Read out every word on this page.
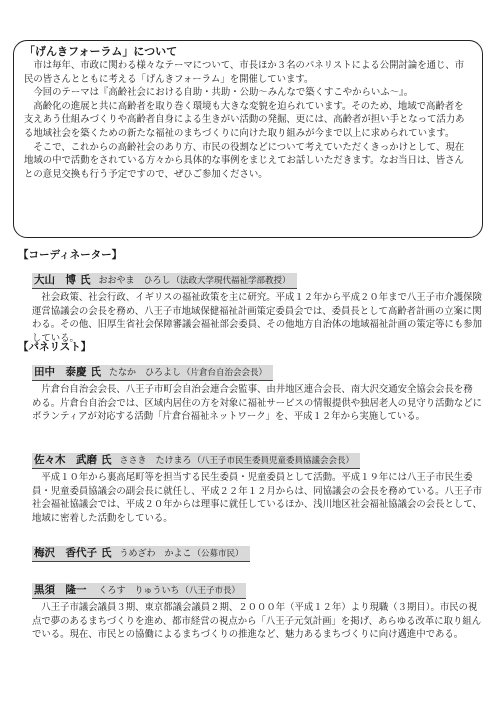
「げんきフォーラム」について

市は毎年、市政に関わる様々なテーマについて、市長ほか３名のパネリストによる公開討論を通じ、市民の皆さんとともに考える「げんきフォーラム」を開催しています。

今回のテーマは『高齢社会における自助・共助・公助～みんなで築くすこやからいふ～』。

高齢化の進展と共に高齢者を取り巻く環境も大きな変貌を迫られています。そのため、地域で高齢者を支えあう仕組みづくりや高齢者自身による生きがい活動の発掘、更には、高齢者が担い手となって活力ある地域社会を築くための新たな福祉のまちづくりに向けた取り組みが今まで以上に求められています。

そこで、これからの高齢社会のあり方、市民の役割などについて考えていただくきっかけとして、現在地域の中で活動をされている方々から具体的な事例をまじえてお話しいただきます。なお当日は、皆さんとの意見交換も行う予定ですので、ぜひご参加ください。

【コーディネーター】
大山　博 氏 おおやま　ひろし（法政大学現代福祉学部教授）

社会政策、社会行政、イギリスの福祉政策を主に研究。平成１２年から平成２０年まで八王子市介護保険運営協議会の会長を務め、八王子市地域保健福祉計画策定委員会では、委員長として高齢者計画の立案に関わる。その他、旧厚生省社会保障審議会福祉部会委員、その他地方自治体の地域福祉計画の策定等にも参加している。

【パネリスト】
田中　泰慶 氏 たなか　ひろよし（片倉台自治会会長）

片倉台自治会会長、八王子市町会自治会連合会監事、由井地区連合会長、南大沢交通安全協会会長を務める。片倉台自治会では、区域内居住の方を対象に福祉サービスの情報提供や独居老人の見守り活動などにボランティアが対応する活動「片倉台福祉ネットワーク」を、平成１２年から実施している。

佐々木　武磨 氏 ささき　たけまろ（八王子市民生委員児童委員協議会会長）

平成１０年から裏高尾町等を担当する民生委員・児童委員として活動。平成１９年には八王子市民生委員・児童委員協議会の副会長に就任し、平成２２年１２月からは、同協議会の会長を務めている。八王子市社会福祉協議会では、平成２０年からは理事に就任しているほか、浅川地区社会福祉協議会の会長として、地域に密着した活動をしている。

梅沢　香代子 氏 うめざわ　かよこ（公募市民）
黒須　隆一 くろす　りゅういち（八王子市長）

八王子市議会議員３期、東京都議会議員２期、２０００年（平成１２年）より現職（３期目）。市民の視点で夢のあるまちづくりを進め、都市経営の視点から「八王子元気計画」を掲げ、あらゆる改革に取り組んでいる。現在、市民との協働によるまちづくりの推進など、魅力あるまちづくりに向け邁進中である。
